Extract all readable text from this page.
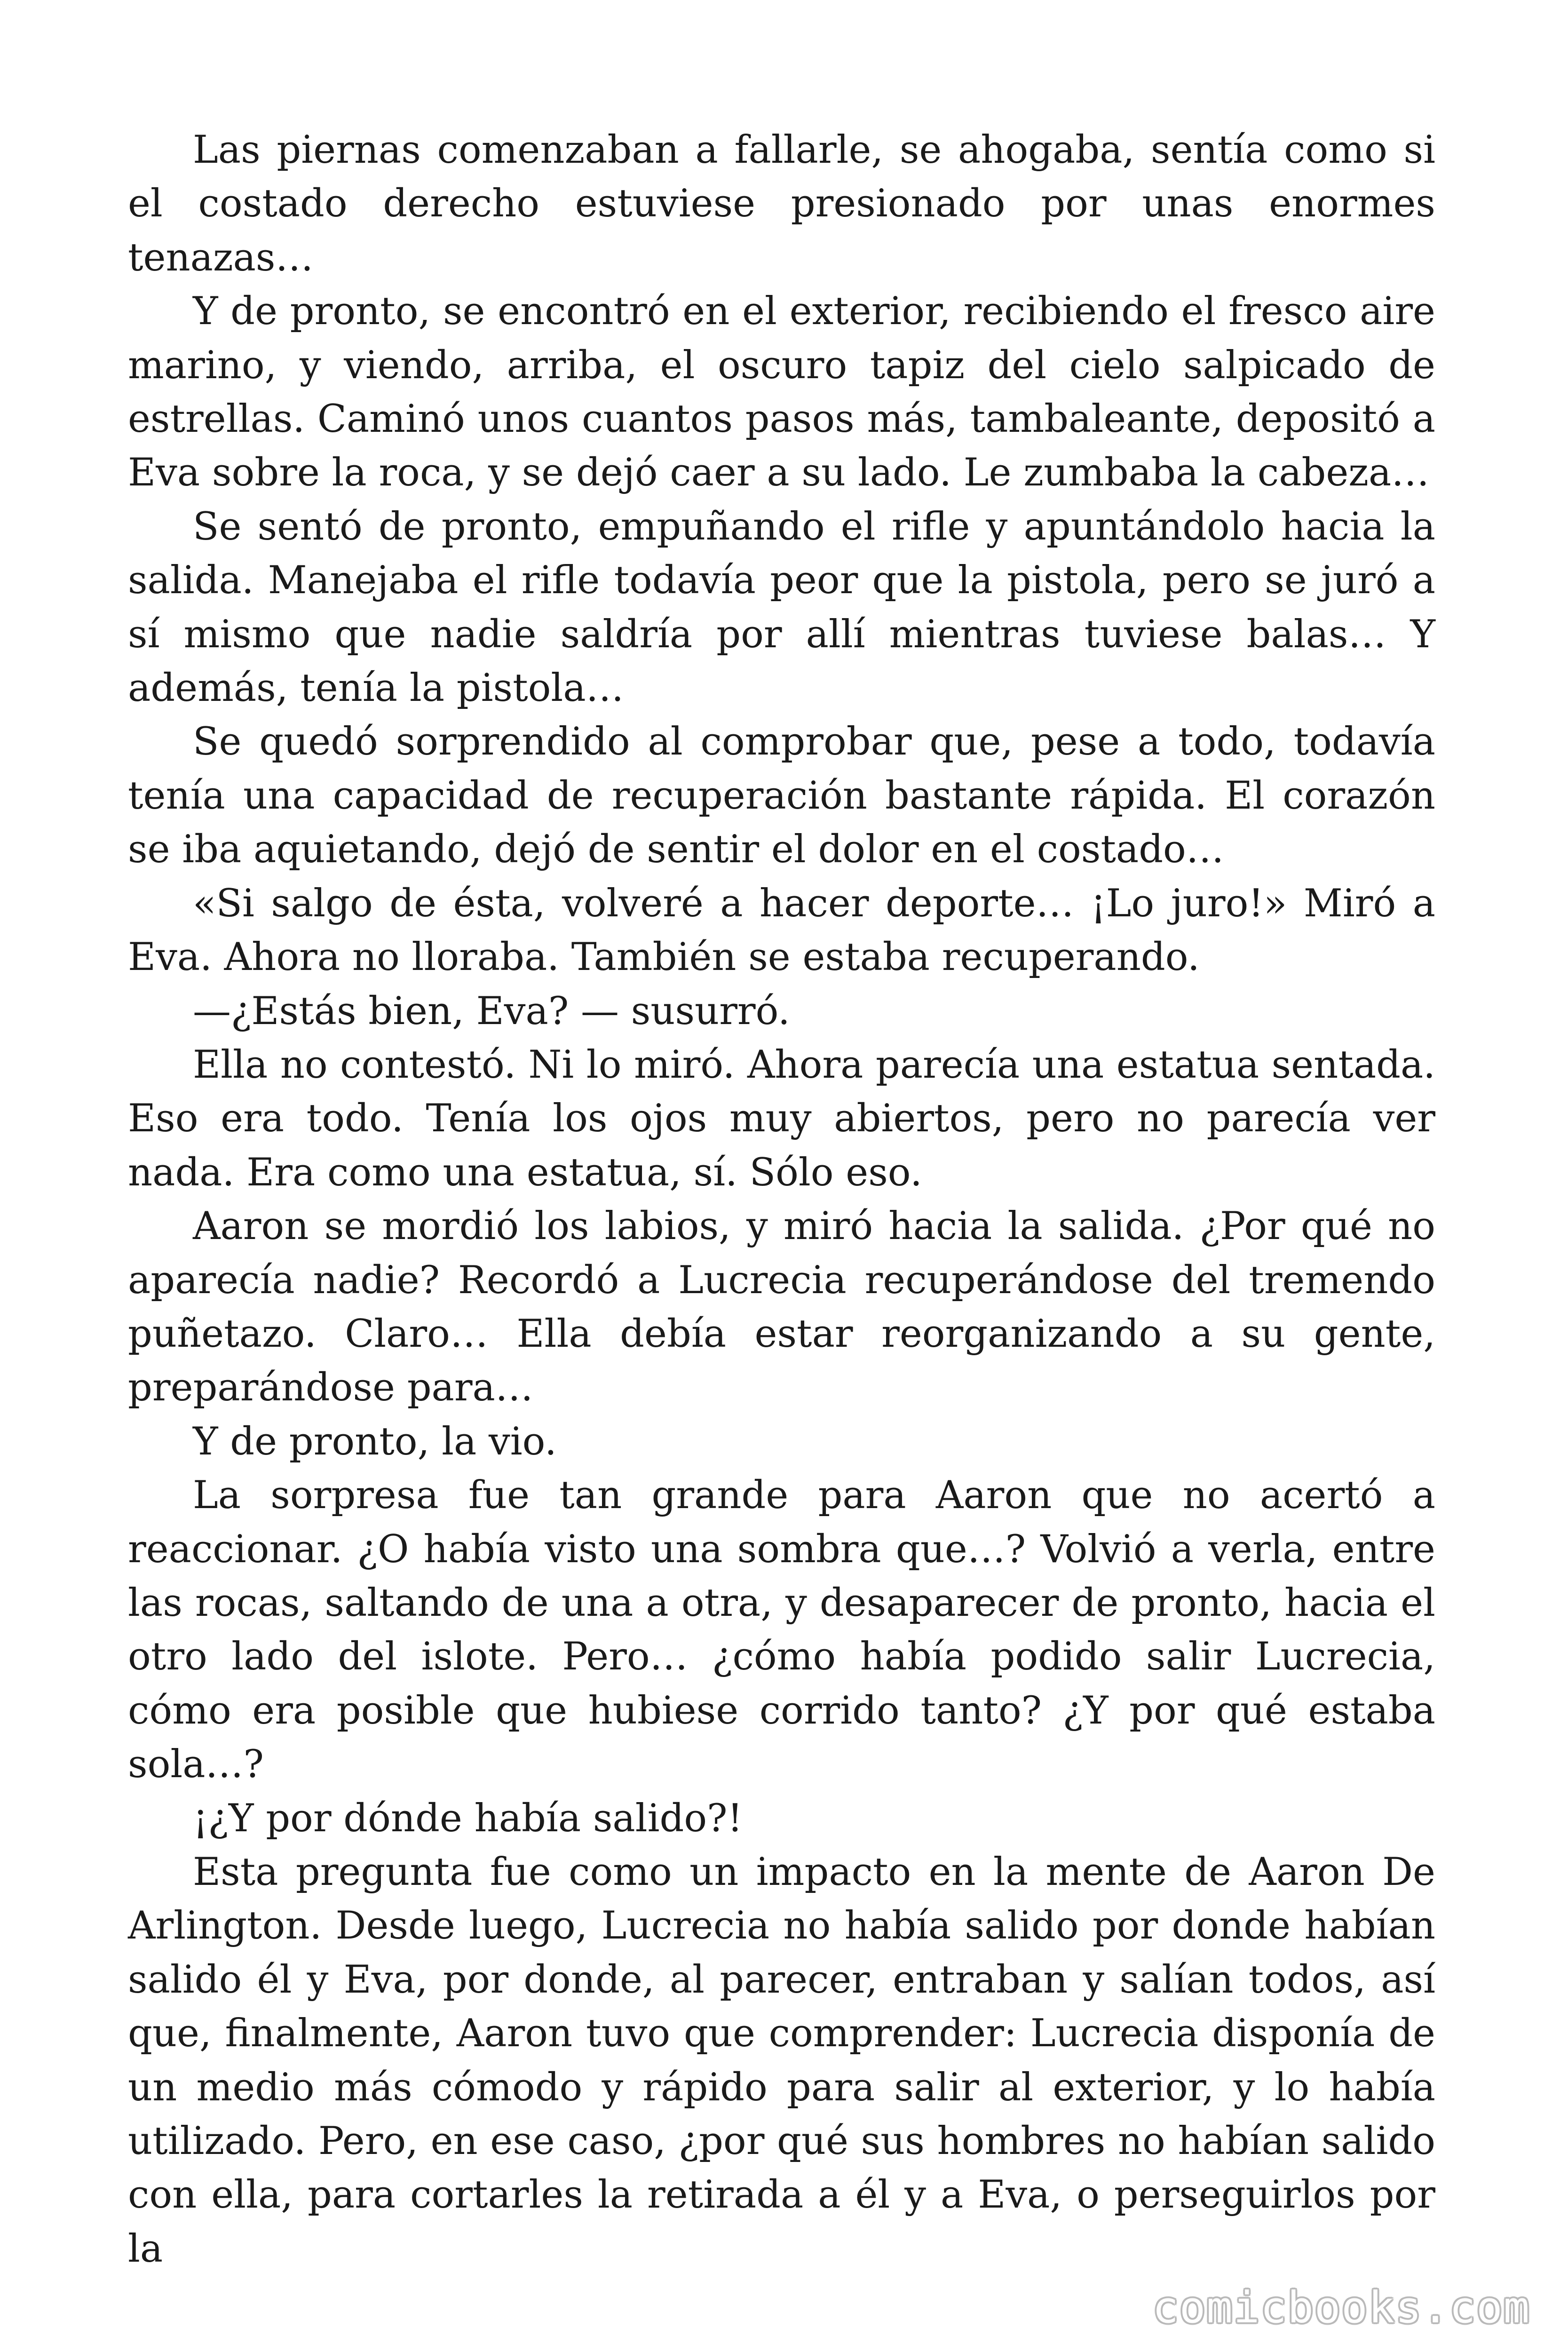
Las piernas comenzaban a fallarle, se ahogaba, sentía como si el costado derecho estuviese presionado por unas enormes tenazas…

Y de pronto, se encontró en el exterior, recibiendo el fresco aire marino, y viendo, arriba, el oscuro tapiz del cielo salpicado de estrellas. Caminó unos cuantos pasos más, tambaleante, depositó a Eva sobre la roca, y se dejó caer a su lado. Le zumbaba la cabeza…

Se sentó de pronto, empuñando el rifle y apuntándolo hacia la salida. Manejaba el rifle todavía peor que la pistola, pero se juró a sí mismo que nadie saldría por allí mientras tuviese balas… Y además, tenía la pistola…

Se quedó sorprendido al comprobar que, pese a todo, todavía tenía una capacidad de recuperación bastante rápida. El corazón se iba aquietando, dejó de sentir el dolor en el costado…

«Si salgo de ésta, volveré a hacer deporte… ¡Lo juro!» Miró a Eva. Ahora no lloraba. También se estaba recuperando.

—¿Estás bien, Eva? — susurró.

Ella no contestó. Ni lo miró. Ahora parecía una estatua sentada. Eso era todo. Tenía los ojos muy abiertos, pero no parecía ver nada. Era como una estatua, sí. Sólo eso.

Aaron se mordió los labios, y miró hacia la salida. ¿Por qué no aparecía nadie? Recordó a Lucrecia recuperándose del tremendo puñetazo. Claro… Ella debía estar reorganizando a su gente, preparándose para…

Y de pronto, la vio.

La sorpresa fue tan grande para Aaron que no acertó a reaccionar. ¿O había visto una sombra que…? Volvió a verla, entre las rocas, saltando de una a otra, y desaparecer de pronto, hacia el otro lado del islote. Pero… ¿cómo había podido salir Lucrecia, cómo era posible que hubiese corrido tanto? ¿Y por qué estaba sola…?

¡¿Y por dónde había salido?!

Esta pregunta fue como un impacto en la mente de Aaron De Arlington. Desde luego, Lucrecia no había salido por donde habían salido él y Eva, por donde, al parecer, entraban y salían todos, así que, finalmente, Aaron tuvo que comprender: Lucrecia disponía de un medio más cómodo y rápido para salir al exterior, y lo había utilizado. Pero, en ese caso, ¿por qué sus hombres no habían salido con ella, para cortarles la retirada a él y a Eva, o perseguirlos por la

comicbooks.com
